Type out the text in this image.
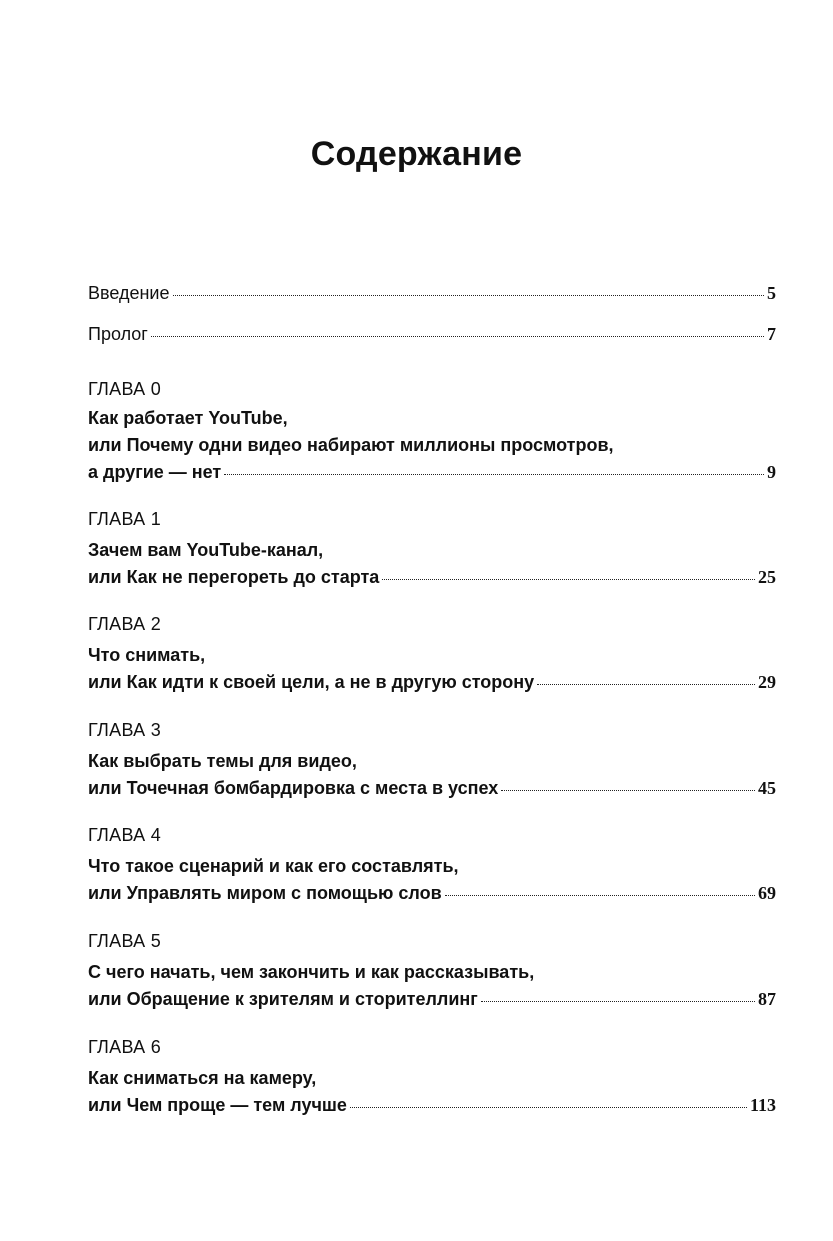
Содержание
Введение	5
Пролог	7
ГЛАВА 0
Как работает YouTube,
или Почему одни видео набирают миллионы просмотров,
а другие — нет	9
ГЛАВА 1
Зачем вам YouTube-канал,
или Как не перегореть до старта	25
ГЛАВА 2
Что снимать,
или Как идти к своей цели, а не в другую сторону	29
ГЛАВА 3
Как выбрать темы для видео,
или Точечная бомбардировка с места в успех	45
ГЛАВА 4
Что такое сценарий и как его составлять,
или Управлять миром с помощью слов	69
ГЛАВА 5
С чего начать, чем закончить и как рассказывать,
или Обращение к зрителям и сторителлинг	87
ГЛАВА 6
Как сниматься на камеру,
или Чем проще — тем лучше	113
